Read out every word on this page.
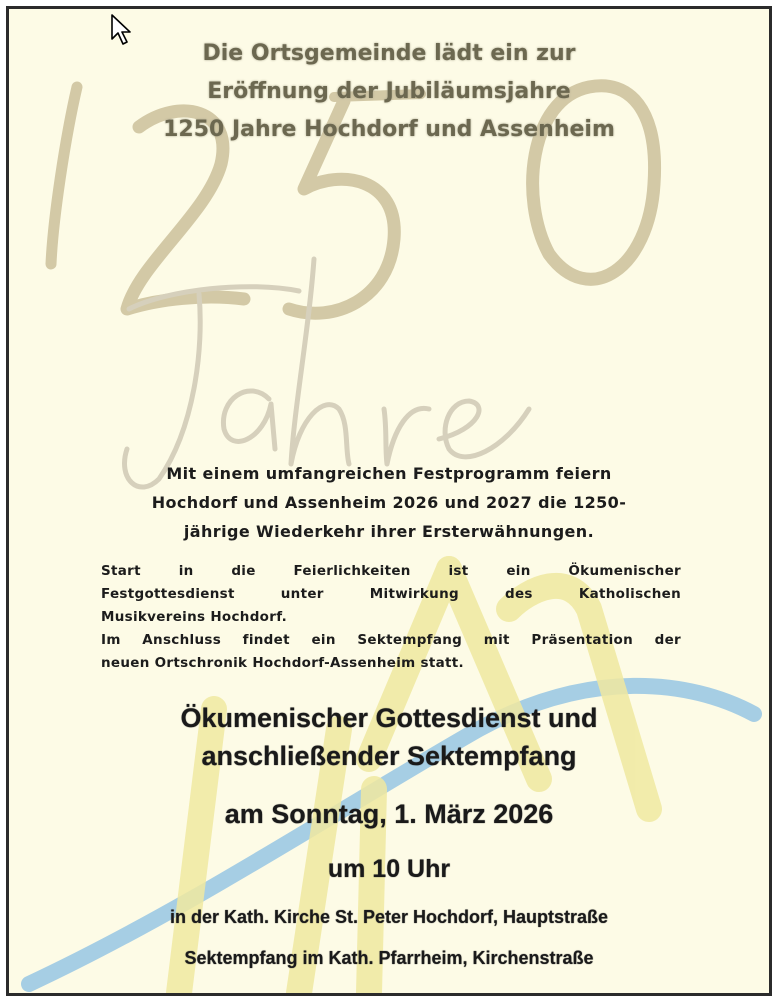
Die Ortsgemeinde lädt ein zur
Eröffnung der Jubiläumsjahre
1250 Jahre Hochdorf und Assenheim
Mit einem umfangreichen Festprogramm feiern
Hochdorf und Assenheim 2026 und 2027 die 1250-
jährige Wiederkehr ihrer Ersterwähnungen.
Start in die Feierlichkeiten ist ein Ökumenischer
Festgottesdienst unter Mitwirkung des Katholischen
Musikvereins Hochdorf.
Im Anschluss findet ein Sektempfang mit Präsentation der
neuen Ortschronik Hochdorf-Assenheim statt.
Ökumenischer Gottesdienst und
anschließender Sektempfang
am Sonntag, 1. März 2026
um 10 Uhr
in der Kath. Kirche St. Peter Hochdorf, Hauptstraße
Sektempfang im Kath. Pfarrheim, Kirchenstraße
